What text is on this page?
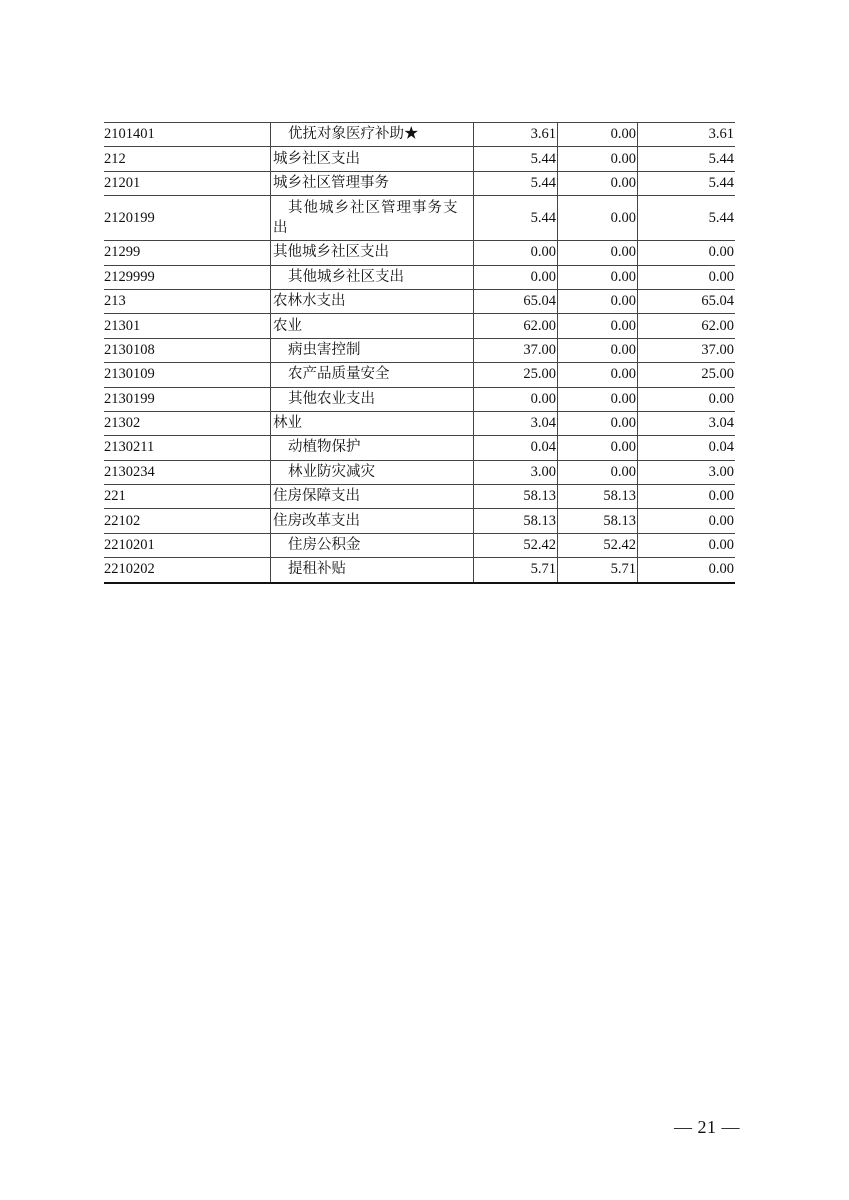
2101401	优抚对象医疗补助★	3.61	0.00	3.61
212	城乡社区支出	5.44	0.00	5.44
21201	城乡社区管理事务	5.44	0.00	5.44
2120199	其他城乡社区管理事务支出	5.44	0.00	5.44
21299	其他城乡社区支出	0.00	0.00	0.00
2129999	其他城乡社区支出	0.00	0.00	0.00
213	农林水支出	65.04	0.00	65.04
21301	农业	62.00	0.00	62.00
2130108	病虫害控制	37.00	0.00	37.00
2130109	农产品质量安全	25.00	0.00	25.00
2130199	其他农业支出	0.00	0.00	0.00
21302	林业	3.04	0.00	3.04
2130211	动植物保护	0.04	0.00	0.04
2130234	林业防灾减灾	3.00	0.00	3.00
221	住房保障支出	58.13	58.13	0.00
22102	住房改革支出	58.13	58.13	0.00
2210201	住房公积金	52.42	52.42	0.00
2210202	提租补贴	5.71	5.71	0.00
— 21 —
